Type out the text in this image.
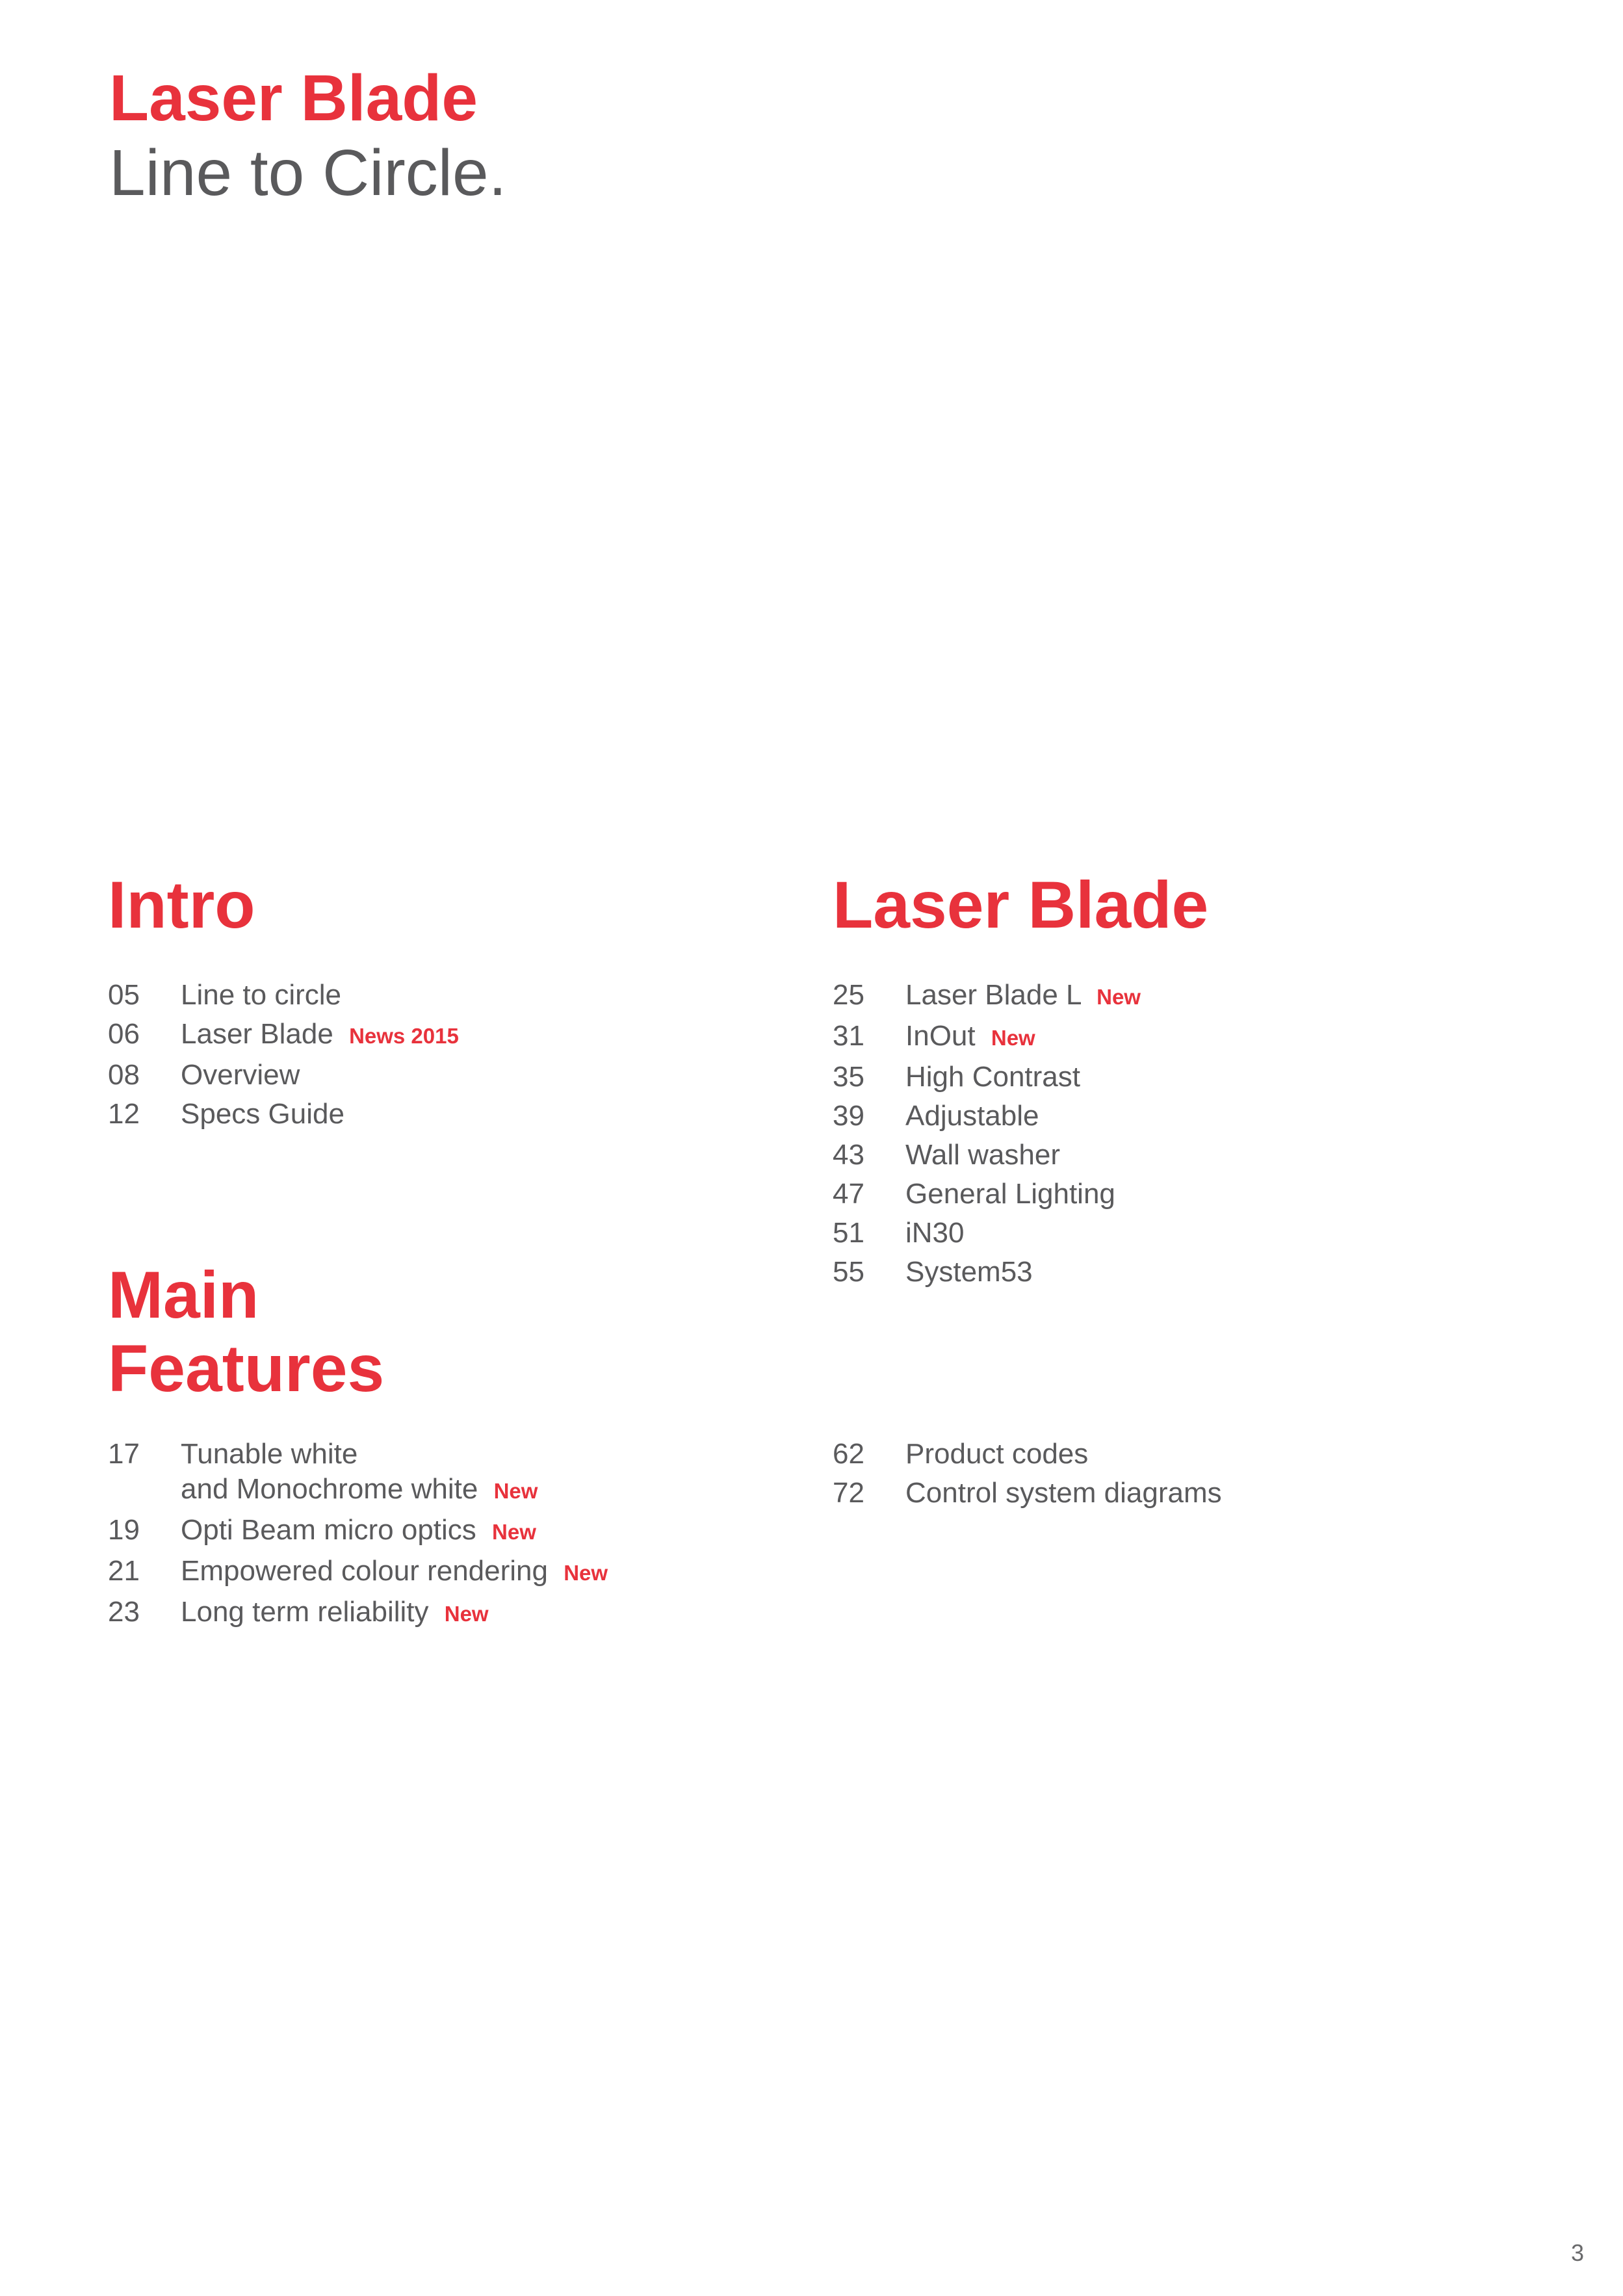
Laser Blade
Line to Circle.
Intro
05	Line to circle
06	Laser Blade News 2015
08	Overview
12	Specs Guide
Main
Features
17	Tunable white
and Monochrome white New
19	Opti Beam micro optics New
21	Empowered colour rendering New
23	Long term reliability New
Laser Blade
25	Laser Blade L New
31	InOut New
35	High Contrast
39	Adjustable
43	Wall washer
47	General Lighting
51	iN30
55	System53
62	Product codes
72	Control system diagrams
3
